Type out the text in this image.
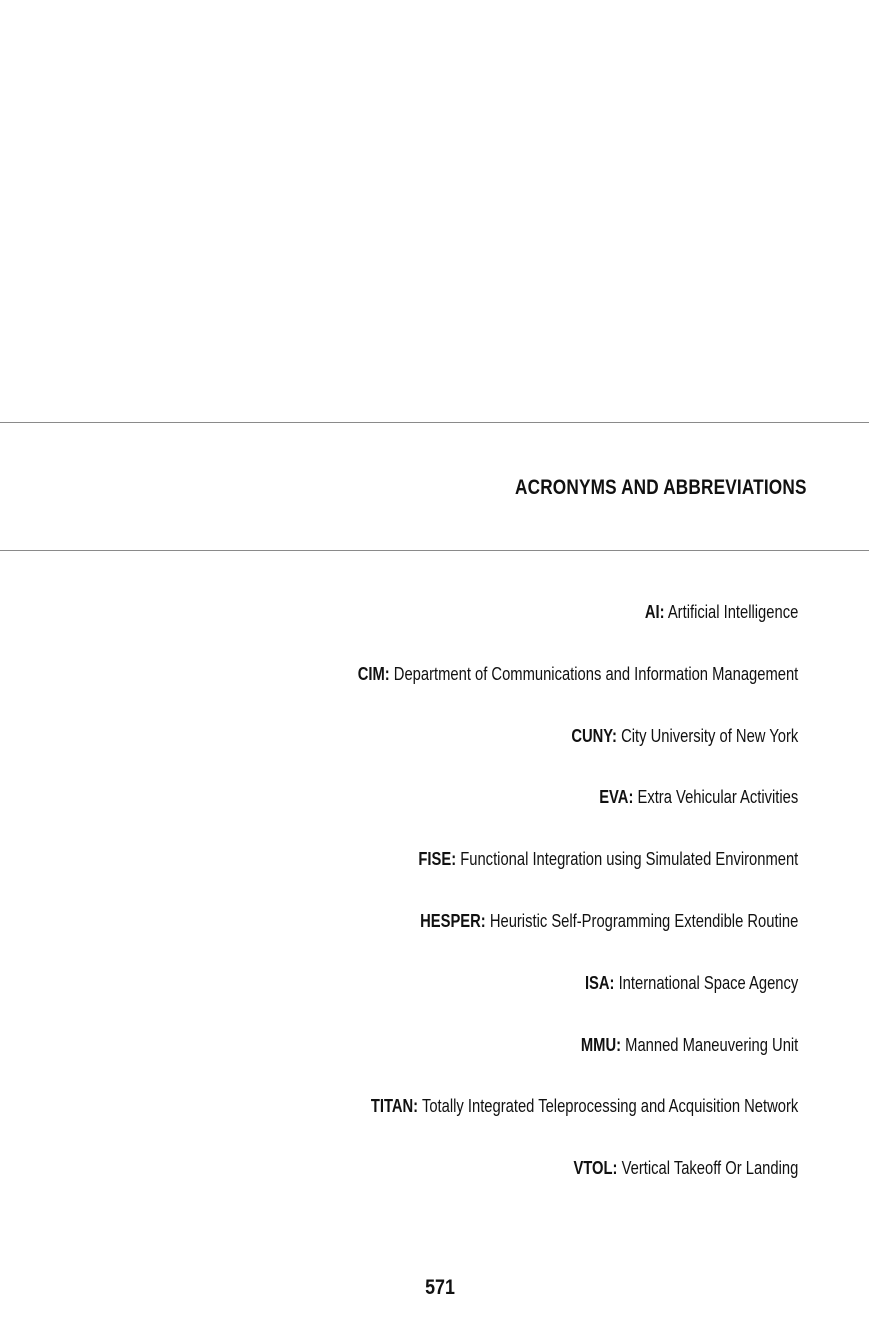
ACRONYMS AND ABBREVIATIONS
AI: Artificial Intelligence
CIM: Department of Communications and Information Management
CUNY: City University of New York
EVA: Extra Vehicular Activities
FISE: Functional Integration using Simulated Environment
HESPER: Heuristic Self-Programming Extendible Routine
ISA: International Space Agency
MMU: Manned Maneuvering Unit
TITAN: Totally Integrated Teleprocessing and Acquisition Network
VTOL: Vertical Takeoff Or Landing
571
